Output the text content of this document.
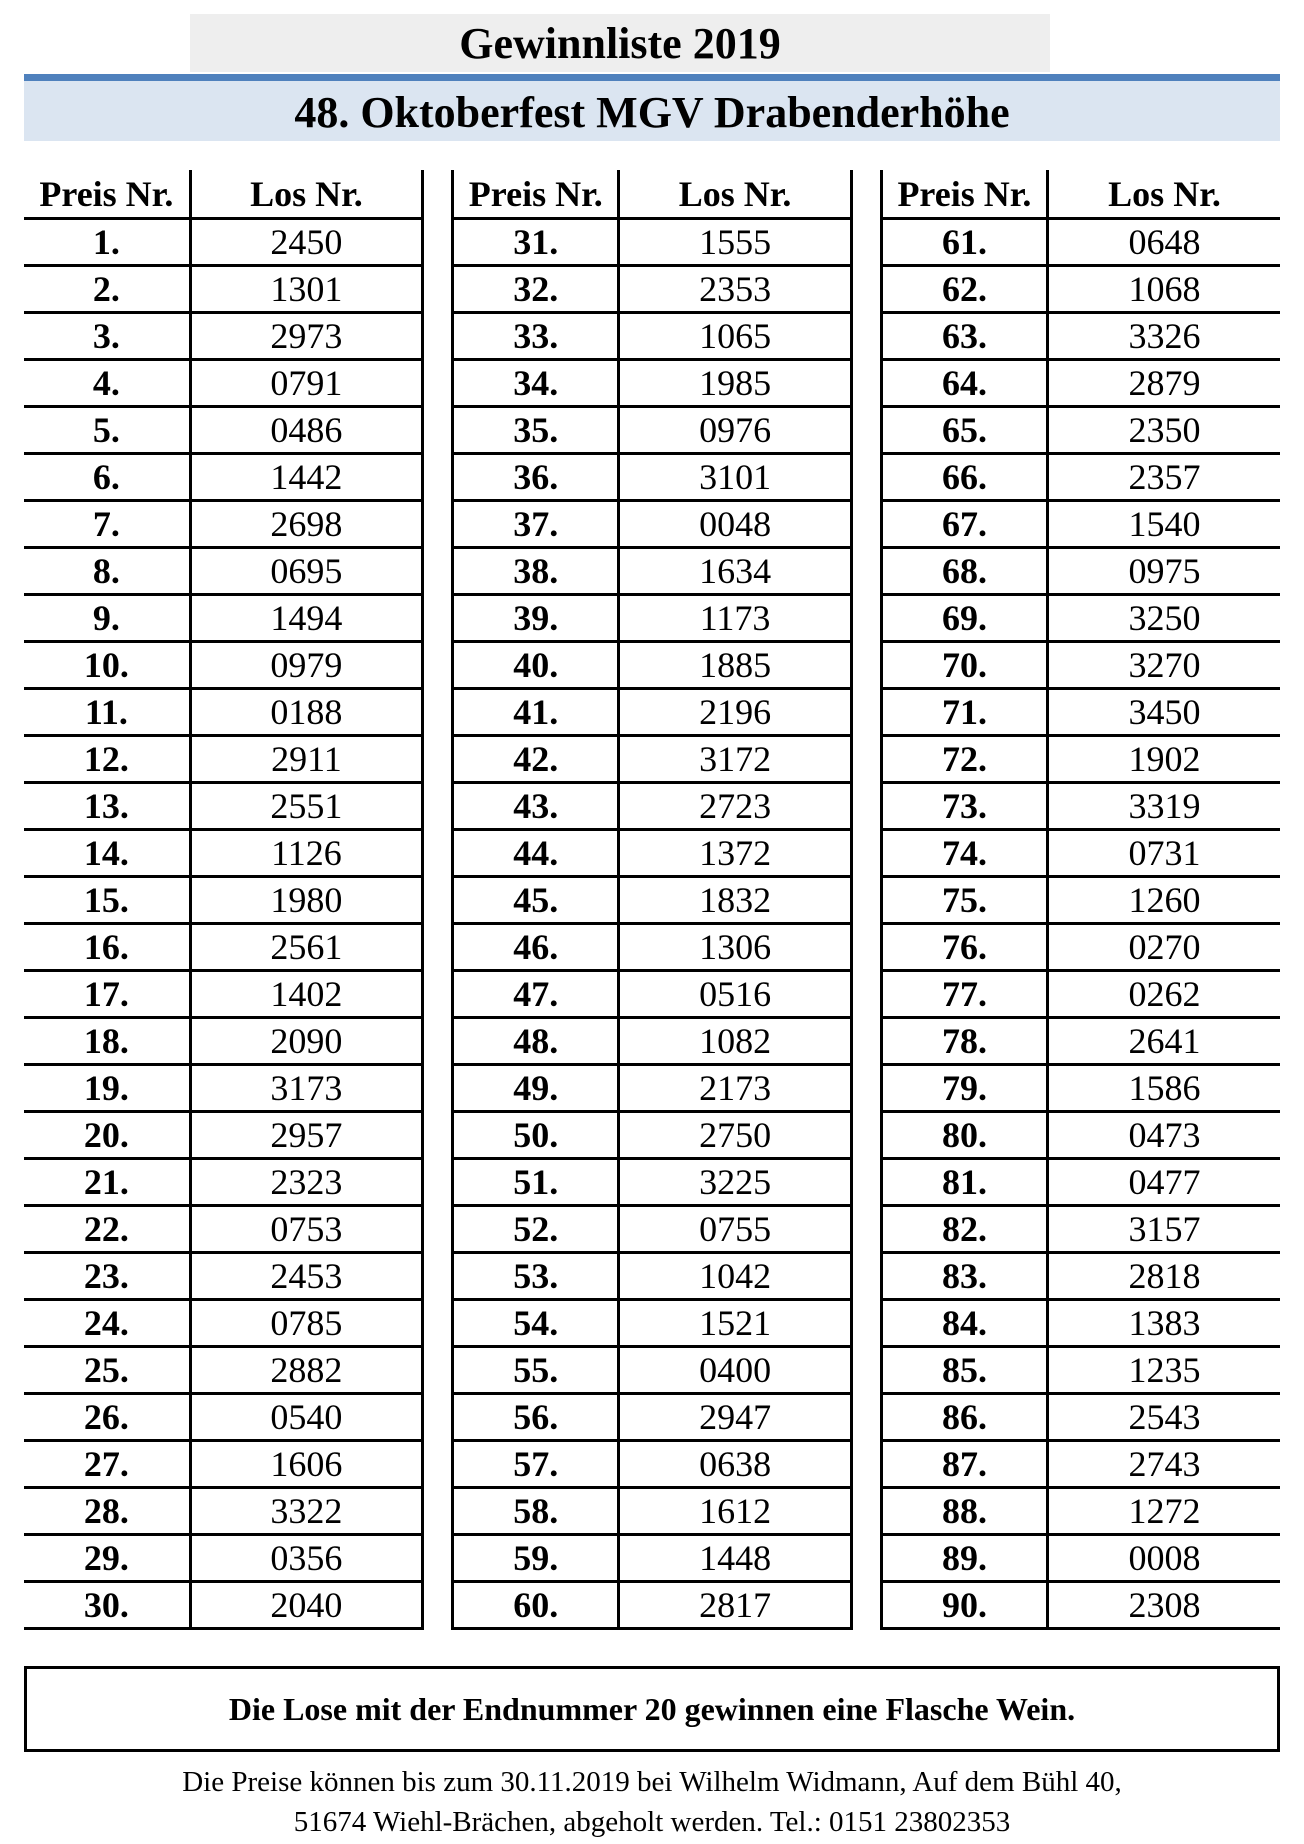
Gewinnliste 2019
48. Oktoberfest MGV Drabenderhöhe
Preis Nr.	Los Nr.		Preis Nr.	Los Nr.		Preis Nr.	Los Nr.
1.	2450		31.	1555		61.	0648
2.	1301		32.	2353		62.	1068
3.	2973		33.	1065		63.	3326
4.	0791		34.	1985		64.	2879
5.	0486		35.	0976		65.	2350
6.	1442		36.	3101		66.	2357
7.	2698		37.	0048		67.	1540
8.	0695		38.	1634		68.	0975
9.	1494		39.	1173		69.	3250
10.	0979		40.	1885		70.	3270
11.	0188		41.	2196		71.	3450
12.	2911		42.	3172		72.	1902
13.	2551		43.	2723		73.	3319
14.	1126		44.	1372		74.	0731
15.	1980		45.	1832		75.	1260
16.	2561		46.	1306		76.	0270
17.	1402		47.	0516		77.	0262
18.	2090		48.	1082		78.	2641
19.	3173		49.	2173		79.	1586
20.	2957		50.	2750		80.	0473
21.	2323		51.	3225		81.	0477
22.	0753		52.	0755		82.	3157
23.	2453		53.	1042		83.	2818
24.	0785		54.	1521		84.	1383
25.	2882		55.	0400		85.	1235
26.	0540		56.	2947		86.	2543
27.	1606		57.	0638		87.	2743
28.	3322		58.	1612		88.	1272
29.	0356		59.	1448		89.	0008
30.	2040		60.	2817		90.	2308
Die Lose mit der Endnummer 20 gewinnen eine Flasche Wein.
Die Preise können bis zum 30.11.2019 bei Wilhelm Widmann, Auf dem Bühl 40,
51674 Wiehl-Brächen, abgeholt werden. Tel.: 0151 23802353
